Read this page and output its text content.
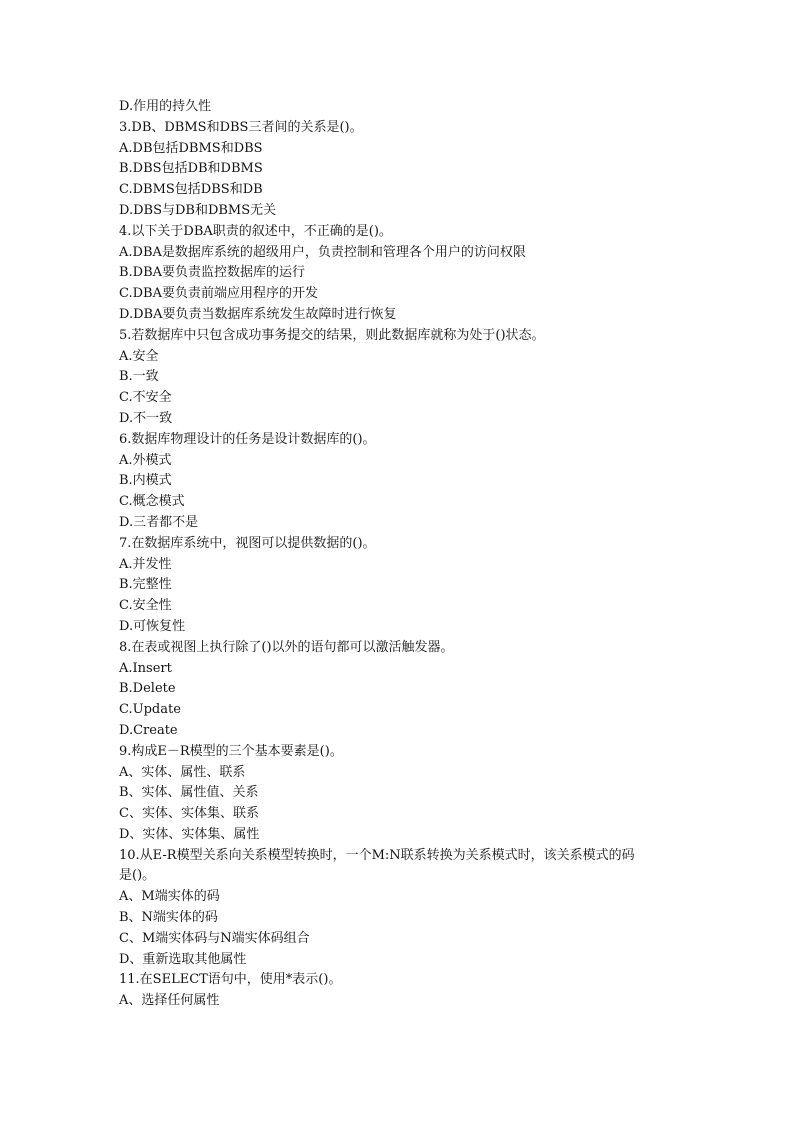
D.作用的持久性
3.DB、DBMS和DBS三者间的关系是()。
A.DB包括DBMS和DBS
B.DBS包括DB和DBMS
C.DBMS包括DBS和DB
D.DBS与DB和DBMS无关
4.以下关于DBA职责的叙述中，不正确的是()。
A.DBA是数据库系统的超级用户，负责控制和管理各个用户的访问权限
B.DBA要负责监控数据库的运行
C.DBA要负责前端应用程序的开发
D.DBA要负责当数据库系统发生故障时进行恢复
5.若数据库中只包含成功事务提交的结果，则此数据库就称为处于()状态。
A.安全
B.一致
C.不安全
D.不一致
6.数据库物理设计的任务是设计数据库的()。
A.外模式
B.内模式
C.概念模式
D.三者都不是
7.在数据库系统中，视图可以提供数据的()。
A.并发性
B.完整性
C.安全性
D.可恢复性
8.在表或视图上执行除了()以外的语句都可以激活触发器。
A.Insert
B.Delete
C.Update
D.Create
9.构成E－R模型的三个基本要素是()。
A、实体、属性、联系
B、实体、属性值、关系
C、实体、实体集、联系
D、实体、实体集、属性
10.从E-R模型关系向关系模型转换时，一个M:N联系转换为关系模式时，该关系模式的码
是()。
A、M端实体的码
B、N端实体的码
C、M端实体码与N端实体码组合
D、重新选取其他属性
11.在SELECT语句中，使用*表示()。
A、选择任何属性
